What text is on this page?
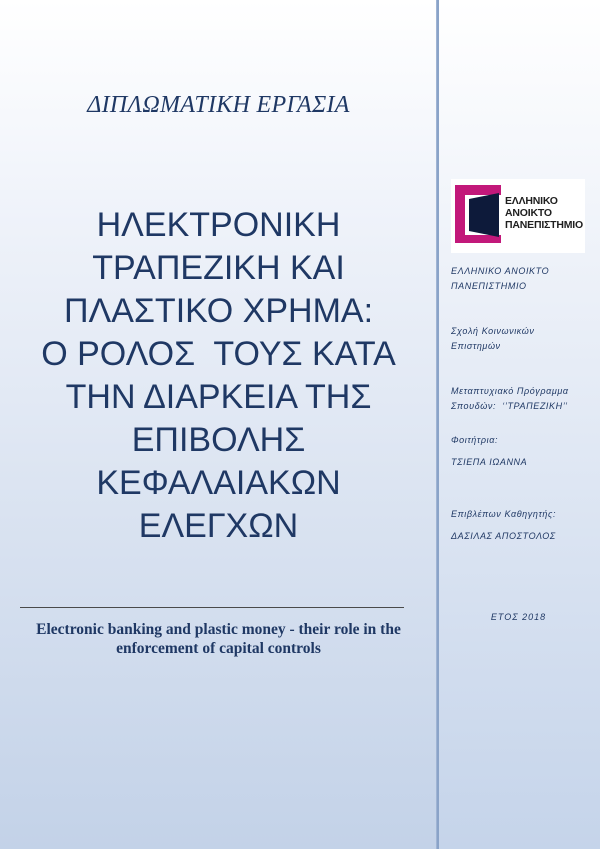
ΔΙΠΛΩΜΑΤΙΚΗ ΕΡΓΑΣΙΑ
ΗΛΕΚΤΡΟΝΙΚΗ
ΤΡΑΠΕΖΙΚΗ ΚΑΙ
ΠΛΑΣΤΙΚΟ ΧΡΗΜΑ:
Ο ΡΟΛΟΣ  ΤΟΥΣ ΚΑΤΑ
ΤΗΝ ΔΙΑΡΚΕΙΑ ΤΗΣ
ΕΠΙΒΟΛΗΣ
ΚΕΦΑΛΑΙΑΚΩΝ
ΕΛΕΓΧΩΝ
Electronic banking and plastic money - their role in the
enforcement of capital controls
ΕΛΛΗΝΙΚΟ
ΑΝΟΙΚΤΟ
ΠΑΝΕΠΙΣΤΗΜΙΟ
ΕΛΛΗΝΙΚΟ ΑΝΟΙΚΤΟ
ΠΑΝΕΠΙΣΤΗΜΙΟ
Σχολή Κοινωνικών
Επιστημών
Μεταπτυχιακό Πρόγραμμα
Σπουδών:  ‘’ΤΡΑΠΕΖΙΚΗ’’
Φοιτήτρια:
ΤΣΙΕΠΑ ΙΩΑΝΝΑ
Επιβλέπων Καθηγητής:
ΔΑΣΙΛΑΣ ΑΠΟΣΤΟΛΟΣ
ΕΤΟΣ 2018
